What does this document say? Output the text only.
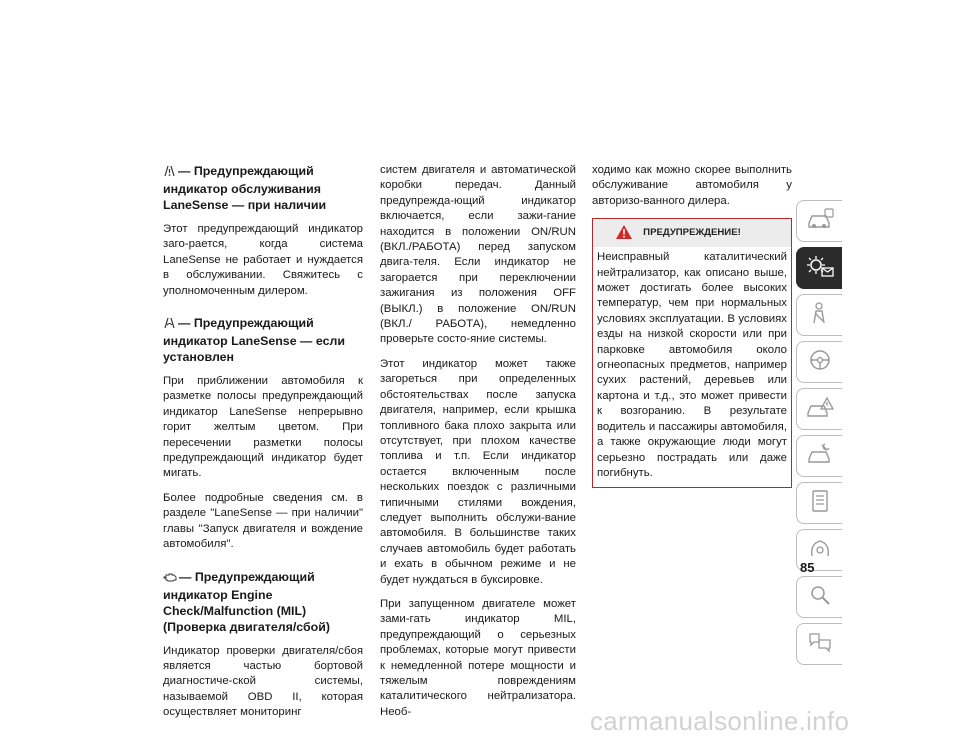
— Предупреждающий индикатор обслуживания LaneSense — при наличии
Этот предупреждающий индикатор заго-рается, когда система LaneSense не работает и нуждается в обслуживании. Свяжитесь с уполномоченным дилером.
— Предупреждающий индикатор LaneSense — если установлен
При приближении автомобиля к разметке полосы предупреждающий индикатор LaneSense непрерывно горит желтым цветом. При пересечении разметки полосы предупреждающий индикатор будет мигать.
Более подробные сведения см. в разделе "LaneSense — при наличии" главы "Запуск двигателя и вождение автомобиля".
— Предупреждающий индикатор Engine Check/Malfunction (MIL) (Проверка двигателя/сбой)
Индикатор проверки двигателя/сбоя является частью бортовой диагностиче-ской системы, называемой OBD II, которая осуществляет мониторинг
систем двигателя и автоматической коробки передач. Данный предупрежда-ющий индикатор включается, если зажи-гание находится в положении ON/RUN (ВКЛ./РАБОТА) перед запуском двига-теля. Если индикатор не загорается при переключении зажигания из положения OFF (ВЫКЛ.) в положение ON/RUN (ВКЛ./ РАБОТА), немедленно проверьте состо-яние системы.
Этот индикатор может также загореться при определенных обстоятельствах после запуска двигателя, например, если крышка топливного бака плохо закрыта или отсутствует, при плохом качестве топлива и т.п. Если индикатор остается включенным после нескольких поездок с различными типичными стилями вождения, следует выполнить обслужи-вание автомобиля. В большинстве таких случаев автомобиль будет работать и ехать в обычном режиме и не будет нуждаться в буксировке.
При запущенном двигателе может зами-гать индикатор MIL, предупреждающий о серьезных проблемах, которые могут привести к немедленной потере мощности и тяжелым повреждениям каталитического нейтрализатора. Необ-
ходимо как можно скорее выполнить обслуживание автомобиля у авторизо-ванного дилера.
ПРЕДУПРЕЖДЕНИЕ!
Неисправный каталитический нейтрализатор, как описано выше, может достигать более высоких температур, чем при нормальных условиях эксплуатации. В условиях езды на низкой скорости или при парковке автомобиля около огнеопасных предметов, например сухих растений, деревьев или картона и т.д., это может привести к возгоранию. В результате водитель и пассажиры автомобиля, а также окружающие люди могут серьезно пострадать или даже погибнуть.
85
carmanualsonline.info
